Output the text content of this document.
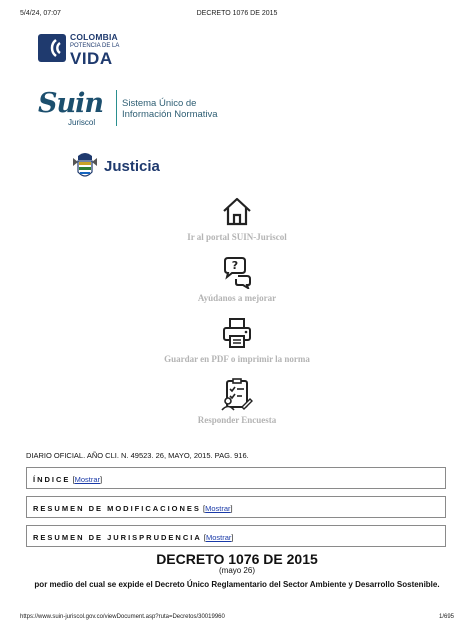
5/4/24, 07:07	DECRETO 1076 DE 2015
COLOMBIA
POTENCIA DE LA
VIDA
Suin
Juriscol
Sistema Único de
Información Normativa
Justicia
Ir al portal SUIN-Juriscol
?
Ayúdanos a mejorar
Guardar en PDF o imprimir la norma
Responder Encuesta
DIARIO OFICIAL. AÑO CLI. N. 49523. 26, MAYO, 2015. PAG. 916.
ÍNDICE [Mostrar]
RESUMEN DE MODIFICACIONES [Mostrar]
RESUMEN DE JURISPRUDENCIA [Mostrar]
DECRETO 1076 DE 2015
(mayo 26)
por medio del cual se expide el Decreto Único Reglamentario del Sector Ambiente y Desarrollo Sostenible.
https://www.suin-juriscol.gov.co/viewDocument.asp?ruta=Decretos/30019960	1/695
